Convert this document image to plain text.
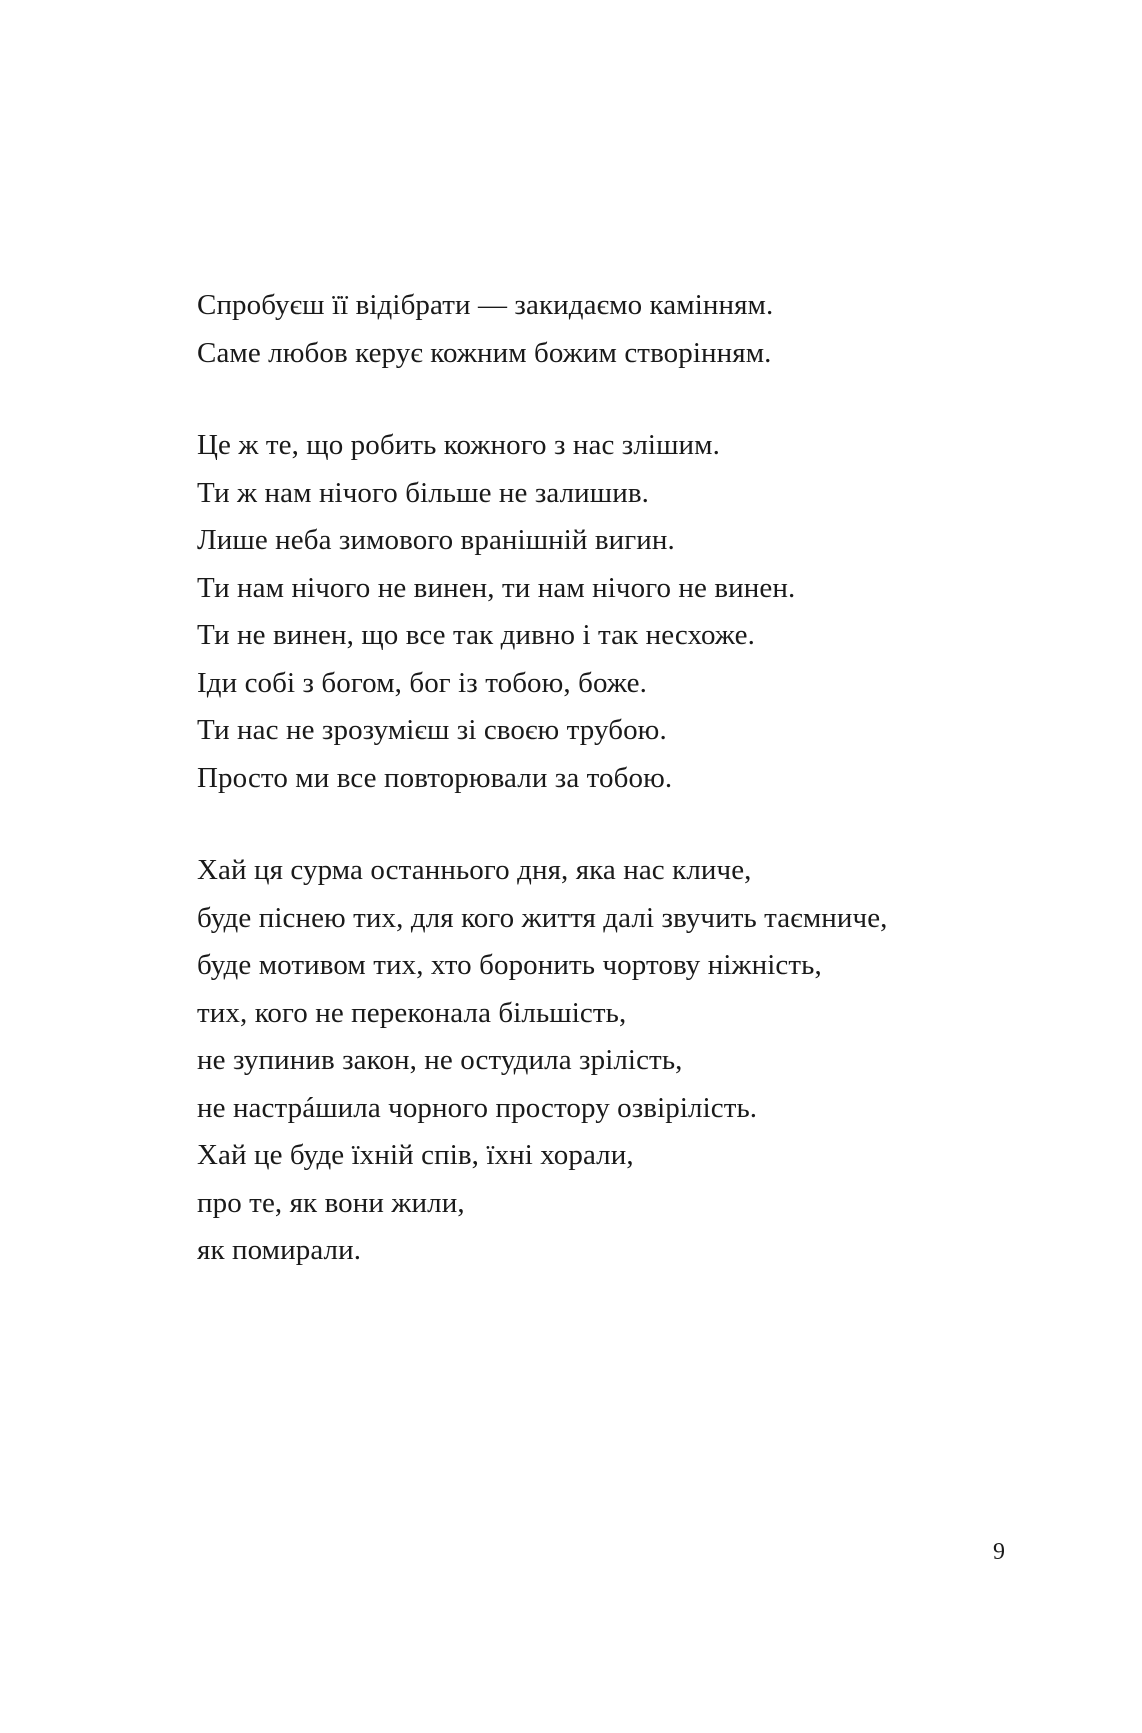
Спробуєш її відібрати — закидаємо камінням.
Саме любов керує кожним божим створінням.
Це ж те, що робить кожного з нас злішим.
Ти ж нам нічого більше не залишив.
Лише неба зимового вранішній вигин.
Ти нам нічого не винен, ти нам нічого не винен.
Ти не винен, що все так дивно і так несхоже.
Іди собі з богом, бог із тобою, боже.
Ти нас не зрозумієш зі своєю трубою.
Просто ми все повторювали за тобою.
Хай ця сурма останнього дня, яка нас кличе,
буде піснею тих, для кого життя далі звучить таємниче,
буде мотивом тих, хто боронить чортову ніжність,
тих, кого не переконала більшість,
не зупинив закон, не остудила зрілість,
не настрáшила чорного простору озвірілість.
Хай це буде їхній спів, їхні хорали,
про те, як вони жили,
як помирали.
9
